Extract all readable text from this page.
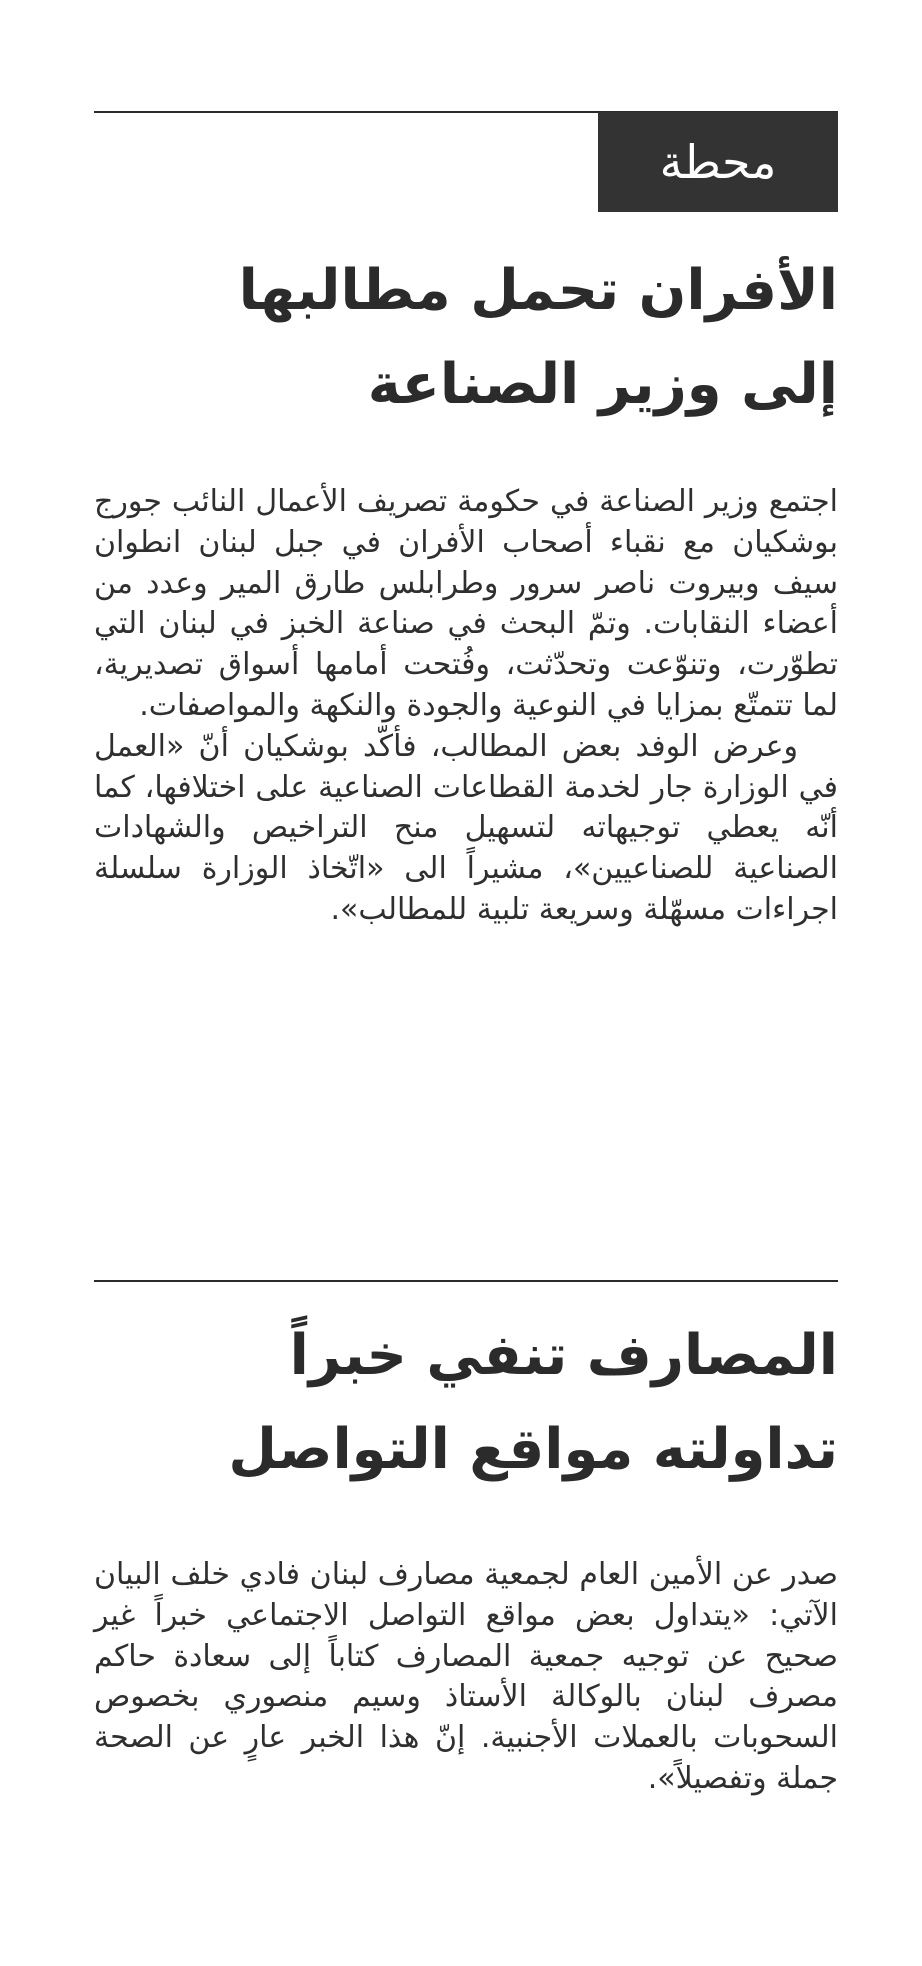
محطة
الأفران تحمل مطالبها
إلى وزير الصناعة

اجتمع وزير الصناعة في حكومة تصريف الأعمال النائب جورج بوشكيان مع نقباء أصحاب الأفران في جبل لبنان انطوان سيف وبيروت ناصر سرور وطرابلس طارق المير وعدد من أعضاء النقابات. وتمّ البحث في صناعة الخبز في لبنان التي تطوّرت، وتنوّعت وتحدّثت، وفُتحت أمامها أسواق تصديرية، لما تتمتّع بمزايا في النوعية والجودة والنكهة والمواصفات.

وعرض الوفد بعض المطالب، فأكّد بوشكيان أنّ «العمل في الوزارة جار لخدمة القطاعات الصناعية على اختلافها، كما أنّه يعطي توجيهاته لتسهيل منح التراخيص والشهادات الصناعية للصناعيين»، مشيراً الى «اتّخاذ الوزارة سلسلة اجراءات مسهّلة وسريعة تلبية للمطالب».

المصارف تنفي خبراً
تداولته مواقع التواصل

صدر عن الأمين العام لجمعية مصارف لبنان فادي خلف البيان الآتي: «يتداول بعض مواقع التواصل الاجتماعي خبراً غير صحيح عن توجيه جمعية المصارف كتاباً إلى سعادة حاكم مصرف لبنان بالوكالة الأستاذ وسيم منصوري بخصوص السحوبات بالعملات الأجنبية. إنّ هذا الخبر عارٍ عن الصحة جملة وتفصيلاً».
